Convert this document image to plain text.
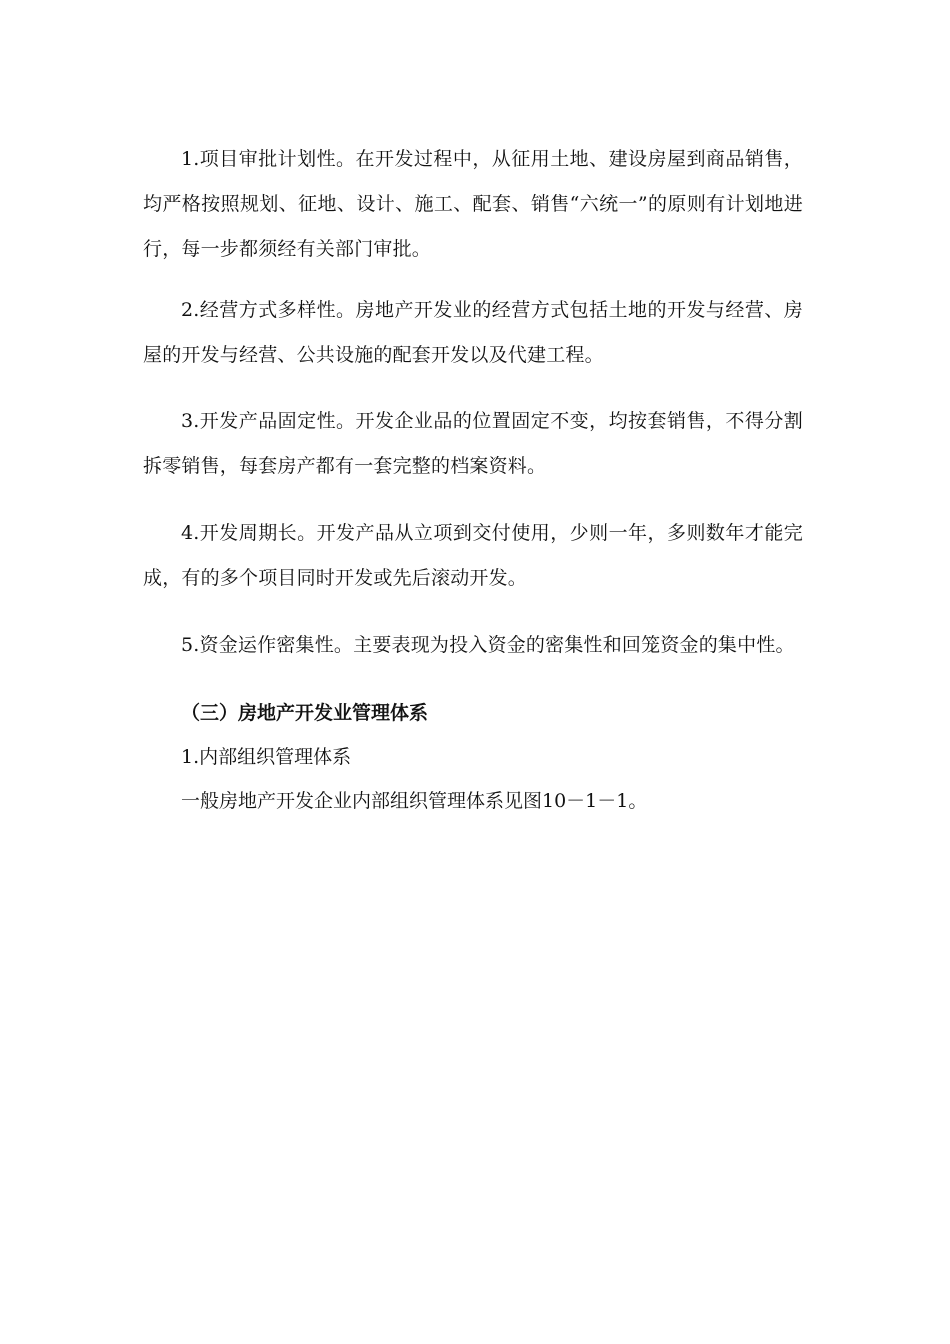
1.项目审批计划性。在开发过程中，从征用土地、建设房屋到商品销售，均严格按照规划、征地、设计、施工、配套、销售“六统一”的原则有计划地进行，每一步都须经有关部门审批。

2.经营方式多样性。房地产开发业的经营方式包括土地的开发与经营、房屋的开发与经营、公共设施的配套开发以及代建工程。

3.开发产品固定性。开发企业品的位置固定不变，均按套销售，不得分割拆零销售，每套房产都有一套完整的档案资料。

4.开发周期长。开发产品从立项到交付使用，少则一年，多则数年才能完成，有的多个项目同时开发或先后滚动开发。

5.资金运作密集性。主要表现为投入资金的密集性和回笼资金的集中性。

（三）房地产开发业管理体系

1.内部组织管理体系

一般房地产开发企业内部组织管理体系见图10－1－1。
